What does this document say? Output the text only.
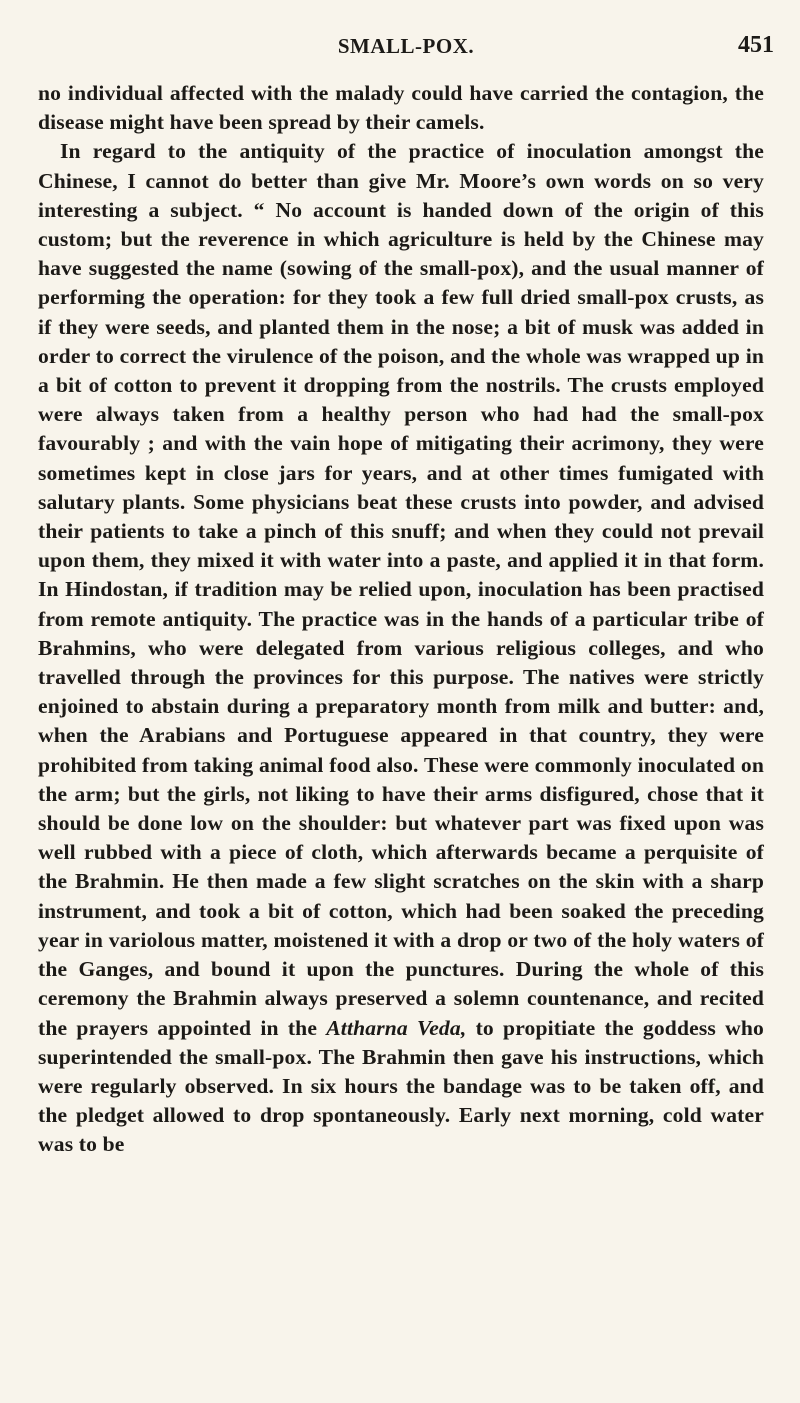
SMALL-POX.	451

no individual affected with the malady could have carried the contagion, the disease might have been spread by their camels.

In regard to the antiquity of the practice of inoculation amongst the Chinese, I cannot do better than give Mr. Moore’s own words on so very interesting a subject. “ No account is handed down of the origin of this custom; but the reverence in which agriculture is held by the Chinese may have suggested the name (sowing of the small-pox), and the usual manner of performing the operation: for they took a few full dried small-pox crusts, as if they were seeds, and planted them in the nose; a bit of musk was added in order to correct the virulence of the poison, and the whole was wrapped up in a bit of cotton to prevent it dropping from the nostrils. The crusts employed were always taken from a healthy person who had had the small-pox favourably ; and with the vain hope of mitigating their acrimony, they were sometimes kept in close jars for years, and at other times fumigated with salutary plants. Some physicians beat these crusts into powder, and advised their patients to take a pinch of this snuff; and when they could not prevail upon them, they mixed it with water into a paste, and applied it in that form. In Hindostan, if tradition may be relied upon, inoculation has been practised from remote antiquity. The practice was in the hands of a particular tribe of Brahmins, who were delegated from various religious colleges, and who travelled through the provinces for this purpose. The natives were strictly enjoined to abstain during a preparatory month from milk and butter: and, when the Arabians and Portuguese appeared in that country, they were prohibited from taking animal food also. These were commonly inoculated on the arm; but the girls, not liking to have their arms disfigured, chose that it should be done low on the shoulder: but whatever part was fixed upon was well rubbed with a piece of cloth, which afterwards became a perquisite of the Brahmin. He then made a few slight scratches on the skin with a sharp instrument, and took a bit of cotton, which had been soaked the preceding year in variolous matter, moistened it with a drop or two of the holy waters of the Ganges, and bound it upon the punctures. During the whole of this ceremony the Brahmin always preserved a solemn countenance, and recited the prayers appointed in the Attharna Veda, to propitiate the goddess who superintended the small-pox. The Brahmin then gave his instructions, which were regularly observed. In six hours the bandage was to be taken off, and the pledget allowed to drop spontaneously. Early next morning, cold water was to be
